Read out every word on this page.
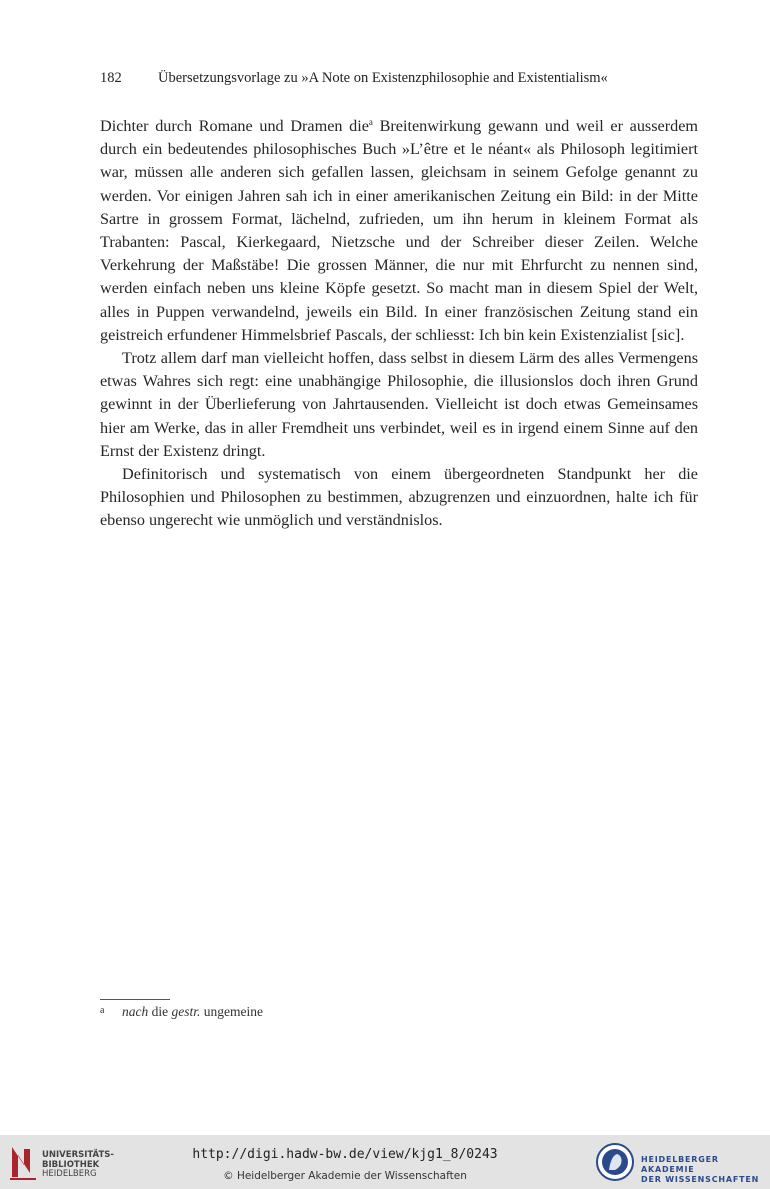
182	Übersetzungsvorlage zu »A Note on Existenzphilosophie and Existentialism«

Dichter durch Romane und Dramen die$^a$ Breitenwirkung gewann und weil er ausserdem durch ein bedeutendes philosophisches Buch »L’être et le néant« als Philosoph legitimiert war, müssen alle anderen sich gefallen lassen, gleichsam in seinem Gefolge genannt zu werden. Vor einigen Jahren sah ich in einer amerikanischen Zeitung ein Bild: in der Mitte Sartre in grossem Format, lächelnd, zufrieden, um ihn herum in kleinem Format als Trabanten: Pascal, Kierkegaard, Nietzsche und der Schreiber dieser Zeilen. Welche Verkehrung der Maßstäbe! Die grossen Männer, die nur mit Ehrfurcht zu nennen sind, werden einfach neben uns kleine Köpfe gesetzt. So macht man in diesem Spiel der Welt, alles in Puppen verwandelnd, jeweils ein Bild. In einer französischen Zeitung stand ein geistreich erfundener Himmelsbrief Pascals, der schliesst: Ich bin kein Existenzialist [sic].

Trotz allem darf man vielleicht hoffen, dass selbst in diesem Lärm des alles Vermengens etwas Wahres sich regt: eine unabhängige Philosophie, die illusionslos doch ihren Grund gewinnt in der Überlieferung von Jahrtausenden. Vielleicht ist doch etwas Gemeinsames hier am Werke, das in aller Fremdheit uns verbindet, weil es in irgend einem Sinne auf den Ernst der Existenz dringt.

Definitorisch und systematisch von einem übergeordneten Standpunkt her die Philosophien und Philosophen zu bestimmen, abzugrenzen und einzuordnen, halte ich für ebenso ungerecht wie unmöglich und verständnislos.

a nach die gestr. ungemeine
UNIVERSITÄTS-
BIBLIOTHEK
HEIDELBERG
http://digi.hadw-bw.de/view/kjg1_8/0243
© Heidelberger Akademie der Wissenschaften
HEIDELBERGER AKADEMIE
DER WISSENSCHAFTEN
